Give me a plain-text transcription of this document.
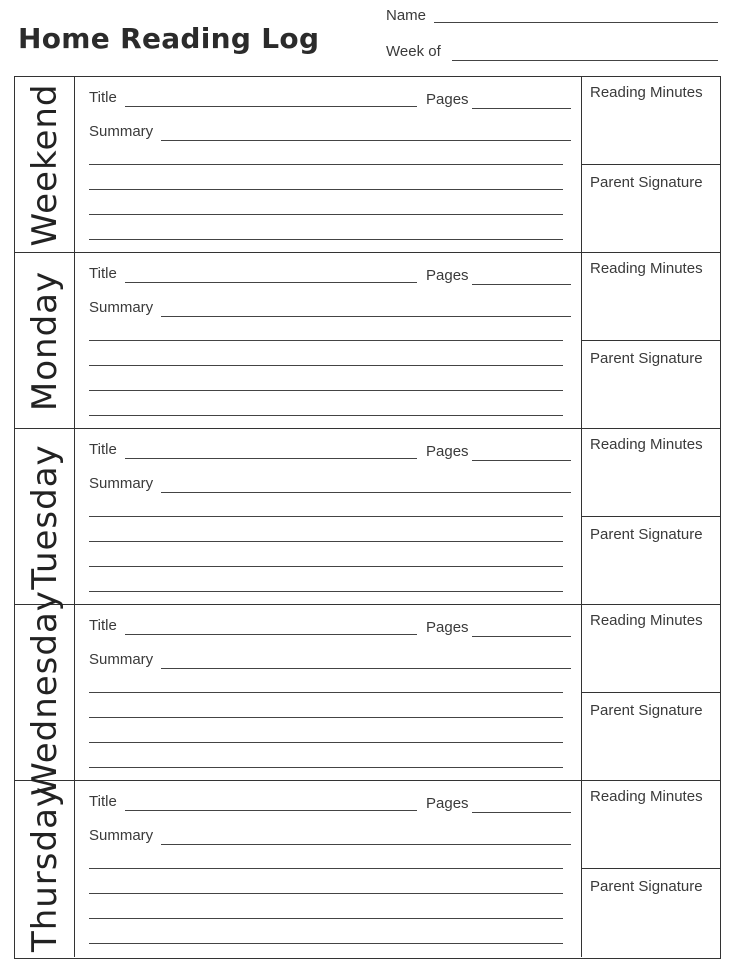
Home Reading Log
Name
Week of
Weekend Title	Pages
Summary
Reading Minutes
Parent Signature
Monday Title	Pages
Summary
Reading Minutes
Parent Signature
Tuesday Title	Pages
Summary
Reading Minutes
Parent Signature
Wednesday Title	Pages
Summary
Reading Minutes
Parent Signature
Thursday Title	Pages
Summary
Reading Minutes
Parent Signature
